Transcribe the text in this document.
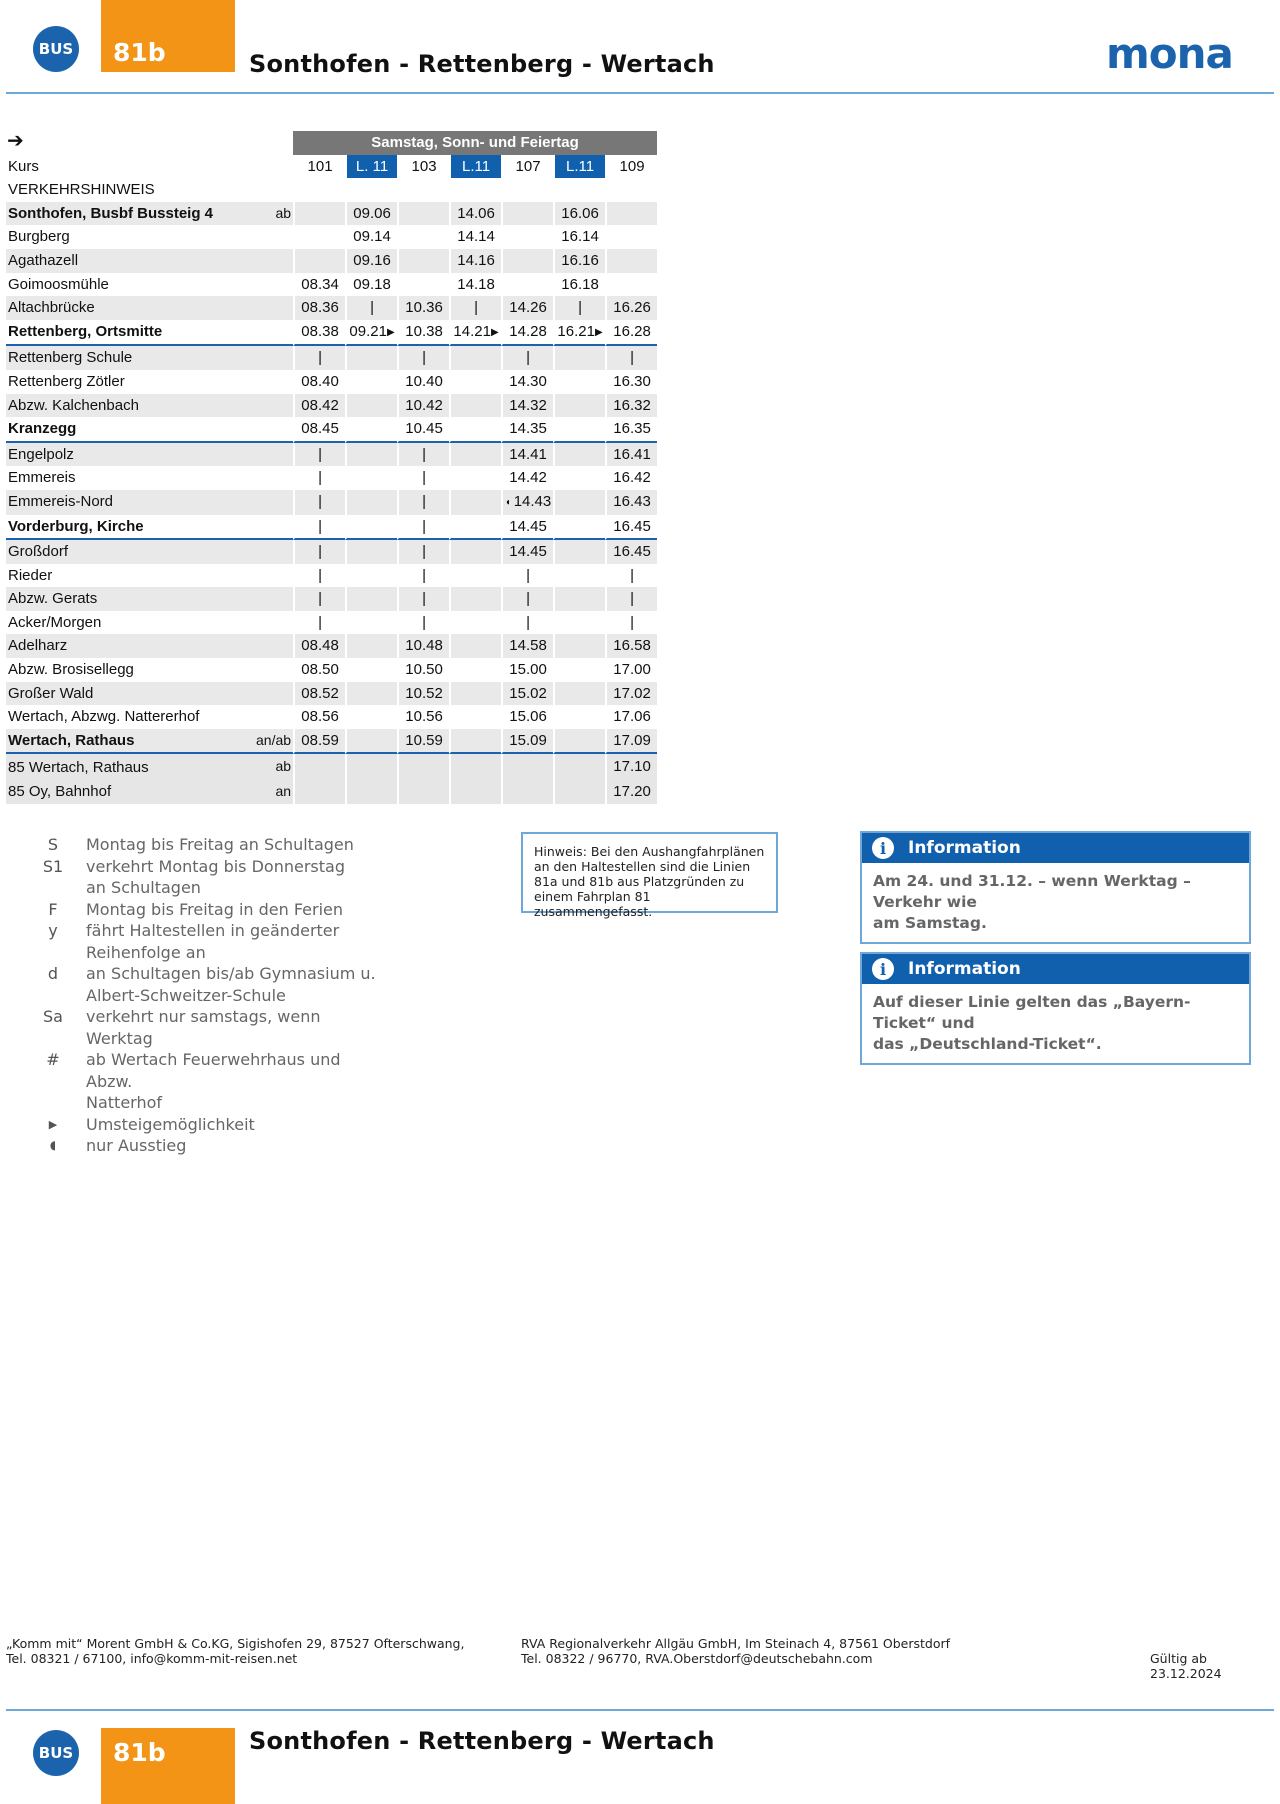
BUS	81b	Sonthofen - Rettenberg - Wertach	mona
➔
			Samstag, Sonn- und Feiertag						
Kurs		101	L. 11	103	L.11	107	L.11	109
VERKEHRSHINWEIS								
Sonthofen, Busbf Bussteig 4	ab		09.06		14.06		16.06	
Burgberg			09.14		14.14		16.14	
Agathazell			09.16		14.16		16.16	
Goimoosmühle		08.34	09.18		14.18		16.18	
Altachbrücke		08.36	|	10.36	|	14.26	|	16.26
Rettenberg, Ortsmitte		08.38	09.21▶	10.38	14.21▶	14.28	16.21▶	16.28
Rettenberg Schule		|		|		|		|
Rettenberg Zötler		08.40		10.40		14.30		16.30
Abzw. Kalchenbach		08.42		10.42		14.32		16.32
Kranzegg		08.45		10.45		14.35		16.35
Engelpolz		|		|		14.41		16.41
Emmereis		|		|		14.42		16.42
Emmereis-Nord		|		|		◖ 14.43		16.43
Vorderburg, Kirche		|		|		14.45		16.45
Großdorf		|		|		14.45		16.45
Rieder		|		|		|		|
Abzw. Gerats		|		|		|		|
Acker/Morgen		|		|		|		|
Adelharz		08.48		10.48		14.58		16.58
Abzw. Brosisellegg		08.50		10.50		15.00		17.00
Großer Wald		08.52		10.52		15.02		17.02
Wertach, Abzwg. Nattererhof		08.56		10.56		15.06		17.06
Wertach, Rathaus	an/ab	08.59		10.59		15.09		17.09
85 Wertach, Rathaus	ab							17.10
85 Oy, Bahnhof	an							17.20
S	Montag bis Freitag an Schultagen
S1	verkehrt Montag bis Donnerstag
an Schultagen
F	Montag bis Freitag in den Ferien
y	fährt Haltestellen in geänderter
Reihenfolge an
d	an Schultagen bis/ab Gymnasium u.
Albert-Schweitzer-Schule
Sa	verkehrt nur samstags, wenn Werktag
#	ab Wertach Feuerwehrhaus und Abzw.
Natterhof
▶	Umsteigemöglichkeit
◖	nur Ausstieg
Hinweis: Bei den Aushangfahrplänen
an den Haltestellen sind die Linien
81a und 81b aus Platzgründen zu
einem Fahrplan 81 zusammengefasst.
i	Information
Am 24. und 31.12. – wenn Werktag – Verkehr wie
am Samstag.
i	Information
Auf dieser Linie gelten das „Bayern-Ticket“ und
das „Deutschland-Ticket“.
„Komm mit“ Morent GmbH & Co.KG, Sigishofen 29, 87527 Ofterschwang,
Tel. 08321 / 67100, info@komm-mit-reisen.net
RVA Regionalverkehr Allgäu GmbH, Im Steinach 4, 87561 Oberstdorf
Tel. 08322 / 96770, RVA.Oberstdorf@deutschebahn.com	Gültig ab 23.12.2024
BUS	81b	Sonthofen - Rettenberg - Wertach
